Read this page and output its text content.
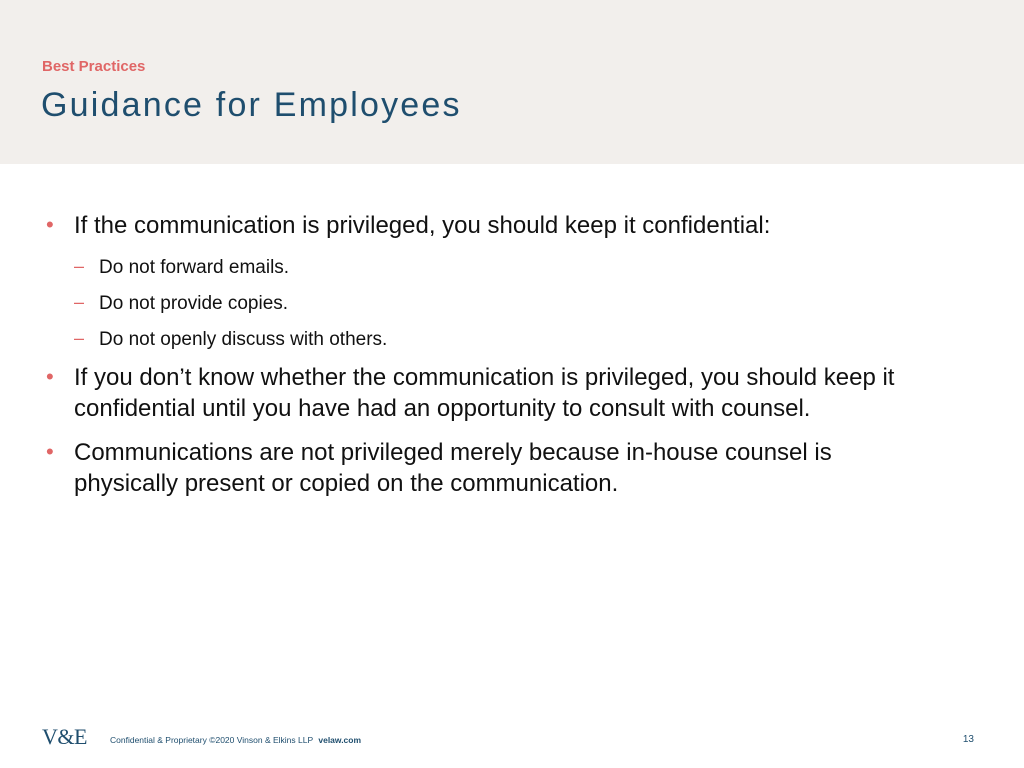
Best Practices
Guidance for Employees
• If the communication is privileged, you should keep it confidential:
– Do not forward emails.
– Do not provide copies.
– Do not openly discuss with others.
• If you don’t know whether the communication is privileged, you should keep it confidential until you have had an opportunity to consult with counsel.
• Communications are not privileged merely because in-house counsel is physically present or copied on the communication.
V&E	Confidential & Proprietary ©2020 Vinson & Elkins LLP velaw.com	13
